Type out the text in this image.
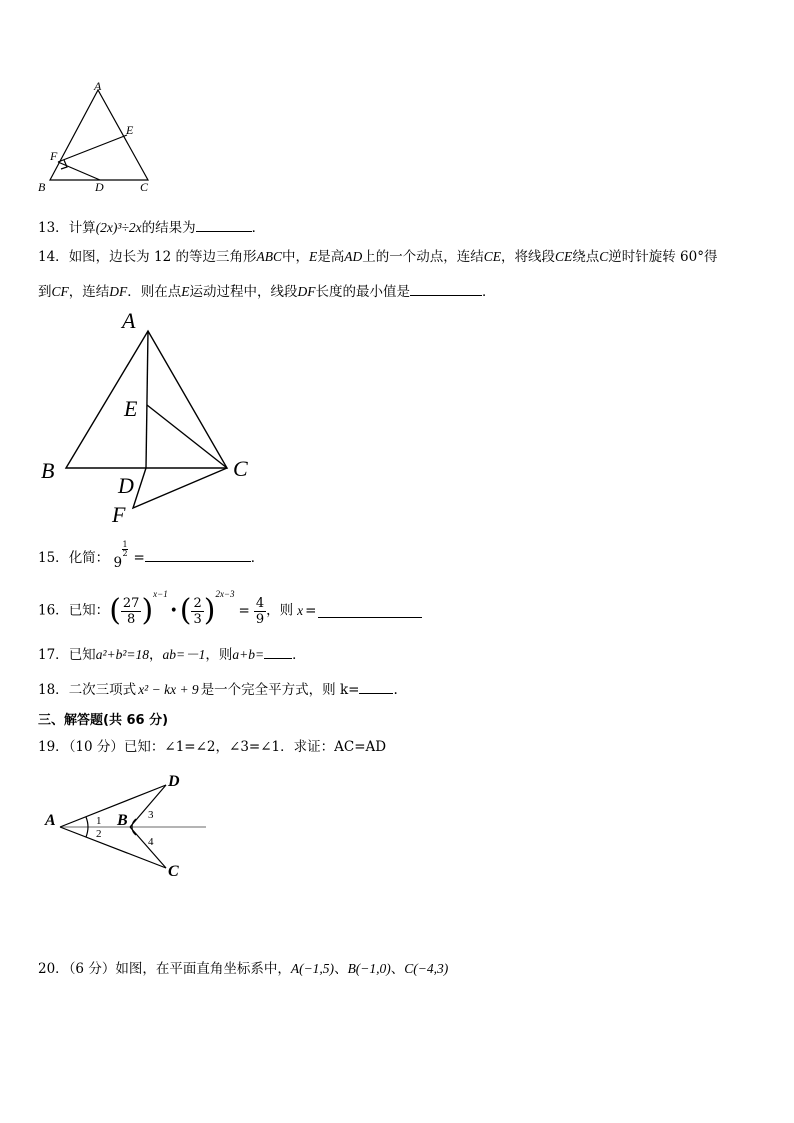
A
E
F
B	D	C
13．计算(2x)³÷2x的结果为	．
14．如图，边长为 12 的等边三角形ABC中，E是高AD上的一个动点，连结CE，将线段CE绕点C逆时针旋转 60°得
到CF，连结DF．则在点E运动过程中，线段DF长度的最小值是	．
A
E
B	C
D
F
15．化简： 9
$\frac{1}{2}$ =	．
16．已知：( $\frac{27}{8}$ )$^{x-1}$•( $\frac{2}{3} )^{2x-3}= \frac{4}{9}$ ，则 x =
17．已知a²+b²=18，ab=－1，则a+b= ．
18．二次三项式 x² − kx + 9 是一个完全平方式，则 k=	.
三、解答题(共 66 分)
19．（10 分）已知：∠1=∠2，∠3=∠1．求证：AC=AD
A	B
D
C
1
2
3
4
20．（6 分）如图，在平面直角坐标系中，A(−1,5)、B(−1,0)、C(−4,3)
